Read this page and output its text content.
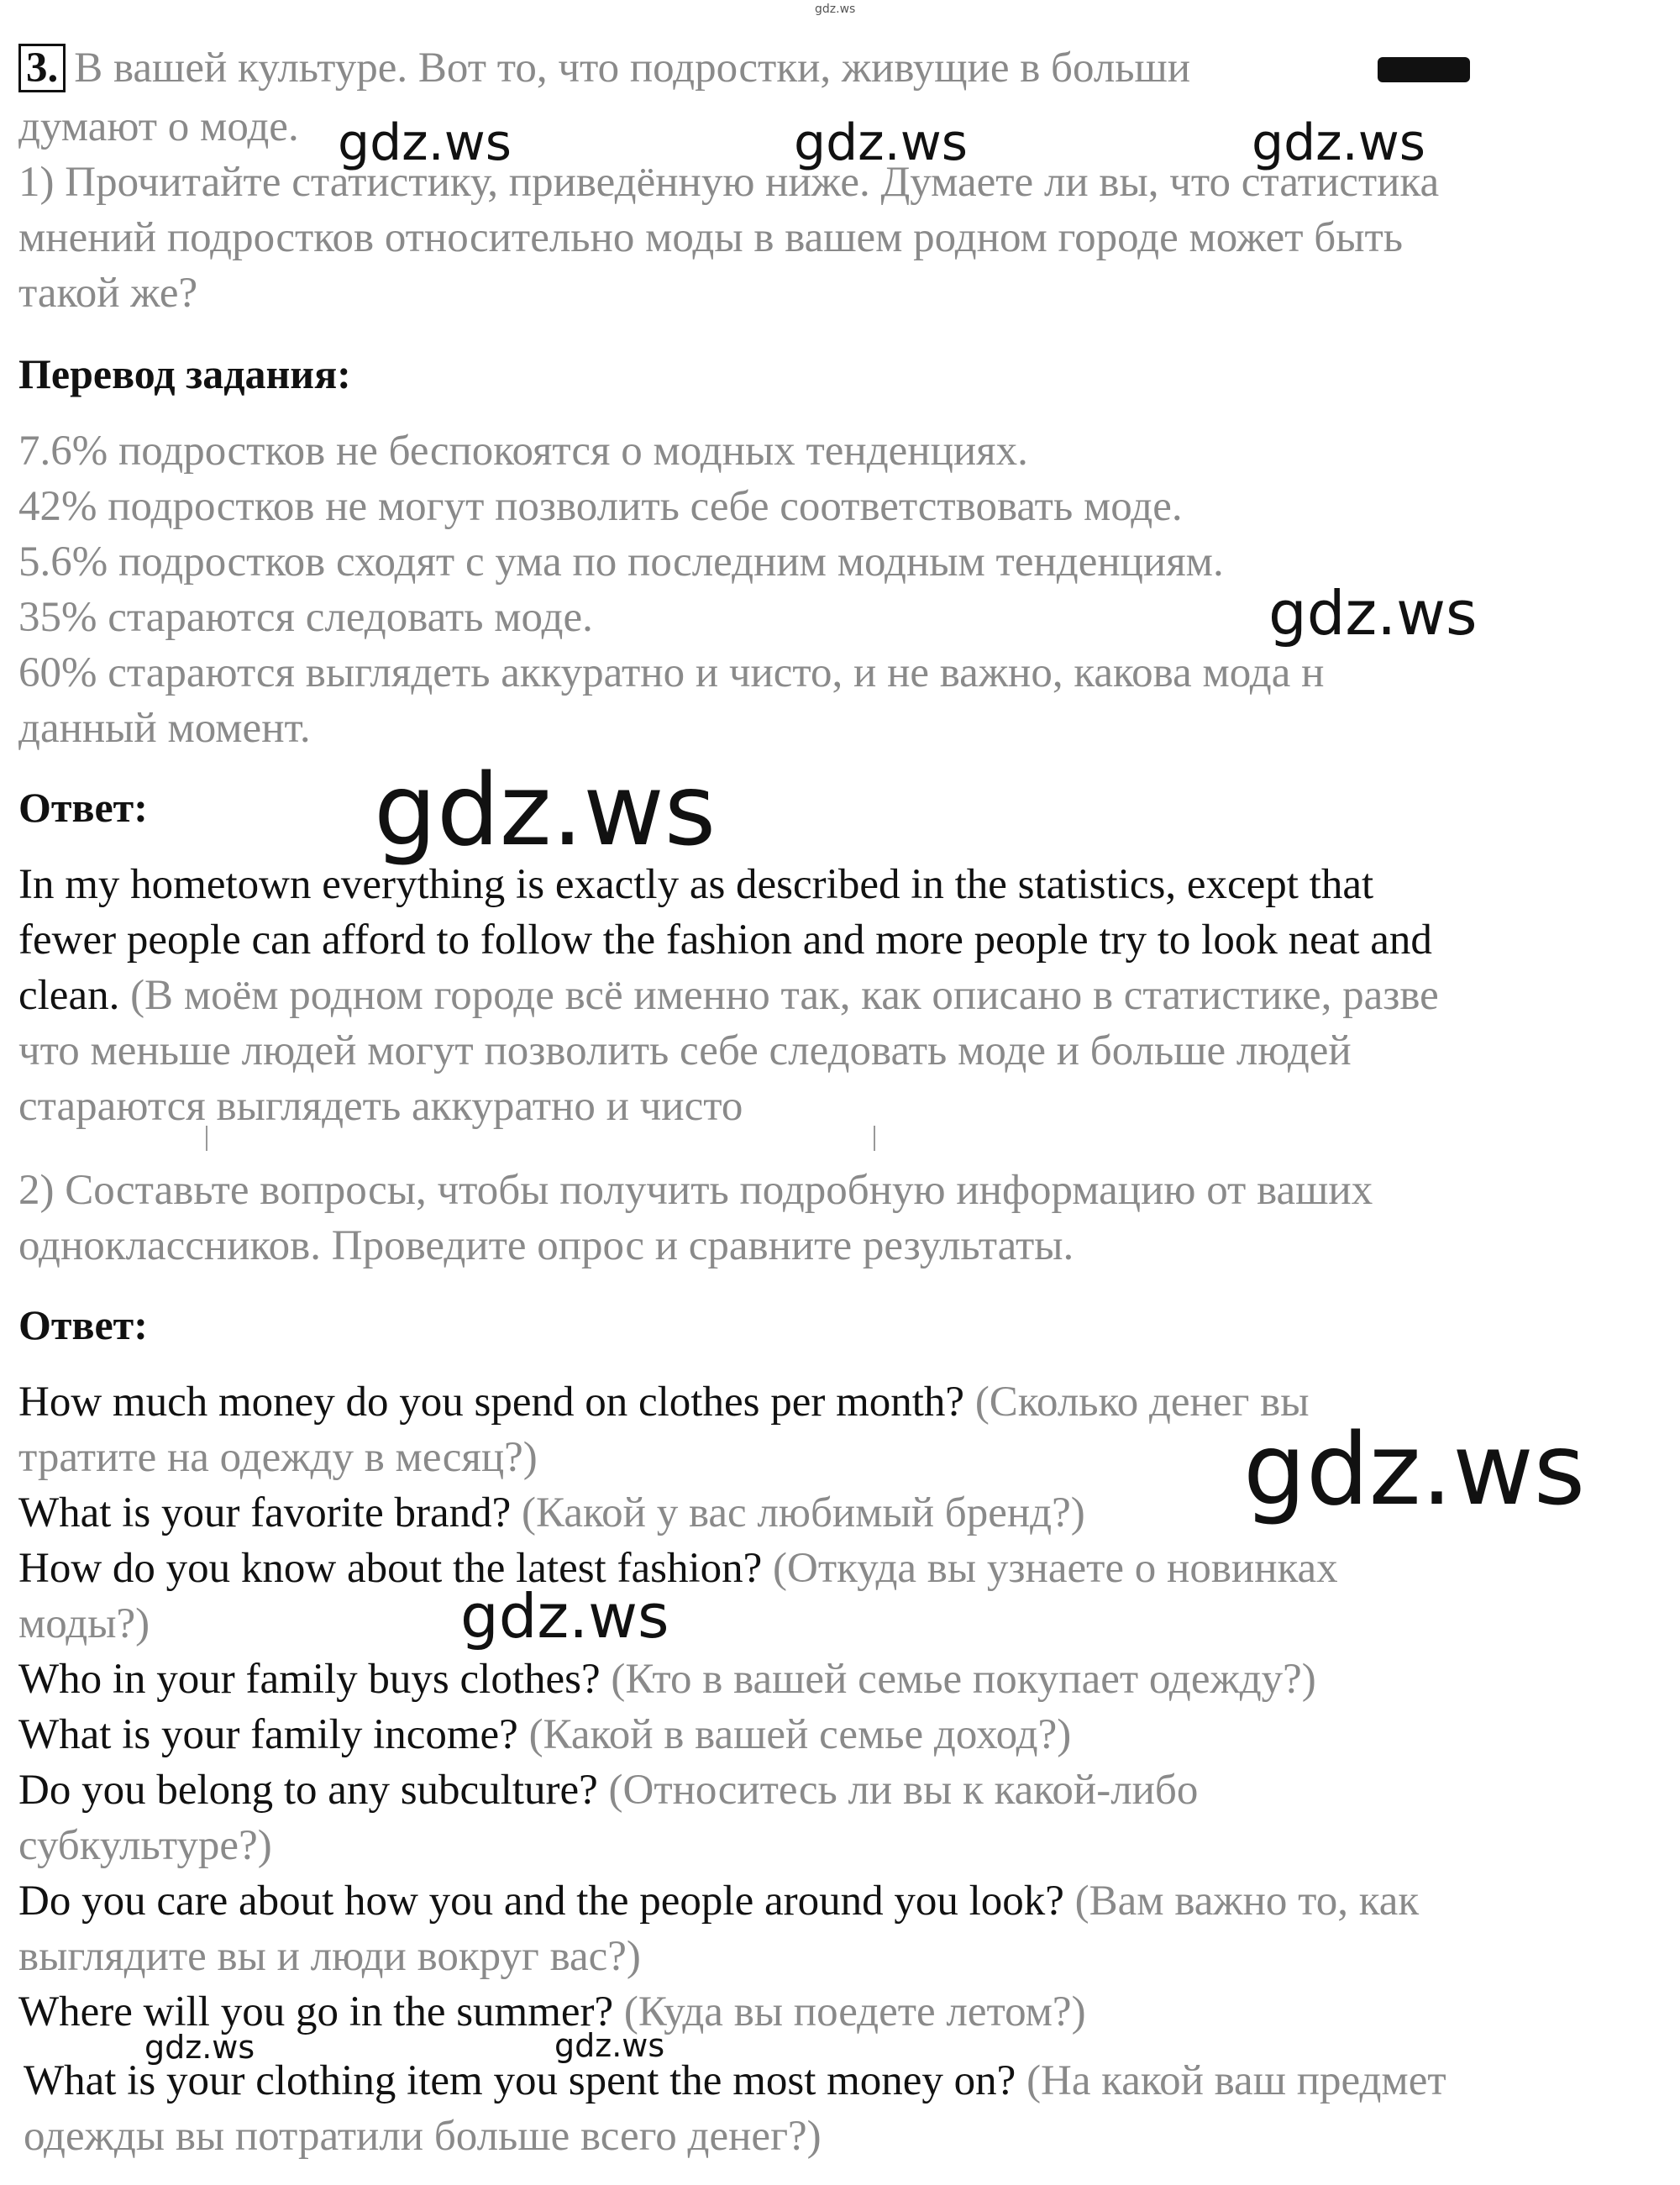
gdz.ws
3. В вашей культуре. Вот то, что подростки, живущие в больши
думают о моде.
1) Прочитайте статистику, приведённую ниже. Думаете ли вы, что статистика
мнений подростков относительно моды в вашем родном городе может быть
такой же?
Перевод задания:
7.6% подростков не беспокоятся о модных тенденциях.
42% подростков не могут позволить себе соответствовать моде.
5.6% подростков сходят с ума по последним модным тенденциям.
35% стараются следовать моде.
60% стараются выглядеть аккуратно и чисто, и не важно, какова мода н
данный момент.
Ответ:
In my hometown everything is exactly as described in the statistics, except that
fewer people can afford to follow the fashion and more people try to look neat and
clean. (В моём родном городе всё именно так, как описано в статистике, разве
что меньше людей могут позволить себе следовать моде и больше людей
стараются выглядеть аккуратно и чисто
2) Составьте вопросы, чтобы получить подробную информацию от ваших
одноклассников. Проведите опрос и сравните результаты.
Ответ:
How much money do you spend on clothes per month? (Сколько денег вы
тратите на одежду в месяц?)
What is your favorite brand? (Какой у вас любимый бренд?)
How do you know about the latest fashion? (Откуда вы узнаете о новинках
моды?)
Who in your family buys clothes? (Кто в вашей семье покупает одежду?)
What is your family income? (Какой в вашей семье доход?)
Do you belong to any subculture? (Относитесь ли вы к какой-либо
субкультуре?)
Do you care about how you and the people around you look? (Вам важно то, как
выглядите вы и люди вокруг вас?)
Where will you go in the summer? (Куда вы поедете летом?)
What is your clothing item you spent the most money on? (На какой ваш предмет
одежды вы потратили больше всего денег?)
gdz.ws	gdz.ws	gdz.ws
gdz.ws
gdz.ws
gdz.ws
gdz.ws
gdz.ws	gdz.ws
